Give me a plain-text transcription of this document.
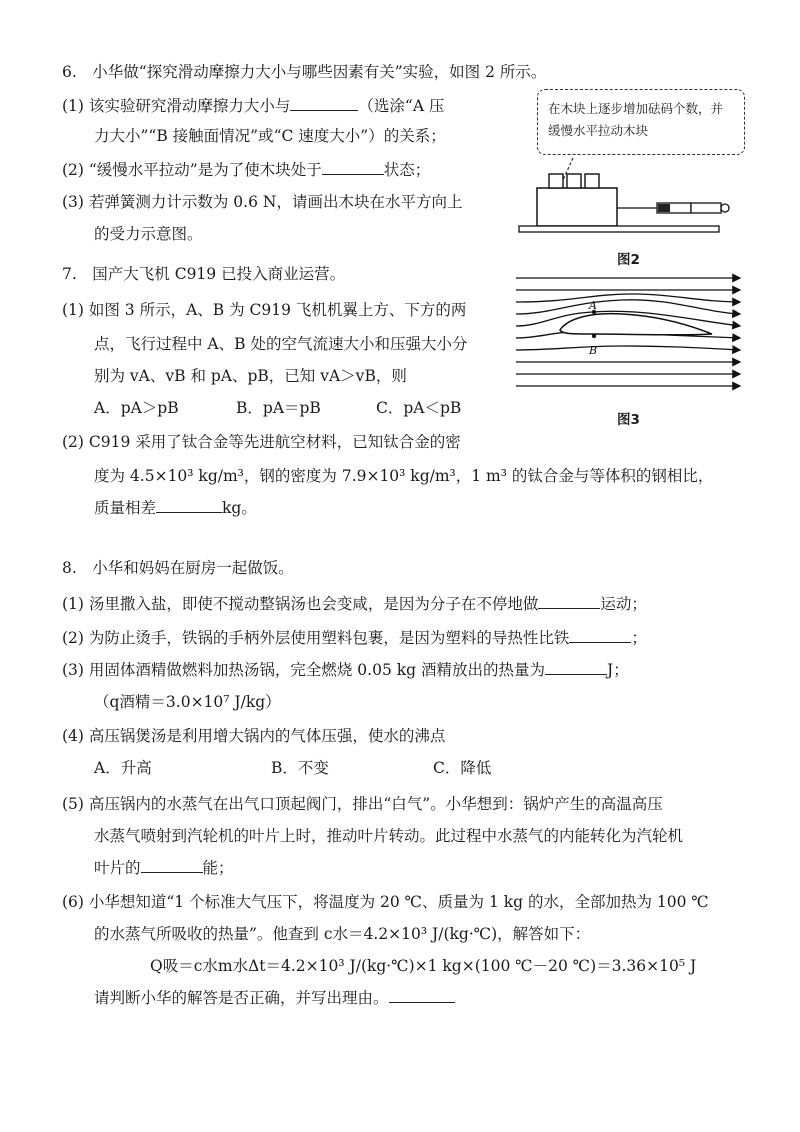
6.　小华做“探究滑动摩擦力大小与哪些因素有关”实验，如图 2 所示。
(1) 该实验研究滑动摩擦力大小与	（选涂“A 压
力大小”“B 接触面情况”或“C 速度大小”）的关系；
(2) “缓慢水平拉动”是为了使木块处于	状态；
(3) 若弹簧测力计示数为 0.6 N，请画出木块在水平方向上
的受力示意图。
在木块上逐步增加砝码个数，并缓慢水平拉动木块
图2
7.　国产大飞机 C919 已投入商业运营。
(1) 如图 3 所示，A、B 为 C919 飞机机翼上方、下方的两
点，飞行过程中 A、B 处的空气流速大小和压强大小分
别为 vA、vB 和 pA、pB，已知 vA＞vB，则
A．pA＞pB	B．pA＝pB	C．pA＜pB
(2) C919 采用了钛合金等先进航空材料，已知钛合金的密
度为 4.5×10³ kg/m³，钢的密度为 7.9×10³ kg/m³，1 m³ 的钛合金与等体积的钢相比，
质量相差	kg。
A
B
图3
8.　小华和妈妈在厨房一起做饭。
(1) 汤里撒入盐，即使不搅动整锅汤也会变咸，是因为分子在不停地做	运动；
(2) 为防止烫手，铁锅的手柄外层使用塑料包裹，是因为塑料的导热性比铁	；
(3) 用固体酒精做燃料加热汤锅，完全燃烧 0.05 kg 酒精放出的热量为	J；
（q酒精＝3.0×10⁷ J/kg）
(4) 高压锅煲汤是利用增大锅内的气体压强，使水的沸点
A．升高	B．不变	C．降低
(5) 高压锅内的水蒸气在出气口顶起阀门，排出“白气”。小华想到：锅炉产生的高温高压
水蒸气喷射到汽轮机的叶片上时，推动叶片转动。此过程中水蒸气的内能转化为汽轮机
叶片的	能；
(6) 小华想知道“1 个标准大气压下，将温度为 20 ℃、质量为 1 kg 的水，全部加热为 100 ℃
的水蒸气所吸收的热量”。他查到 c水＝4.2×10³ J/(kg·℃)，解答如下：
Q吸＝c水m水Δt＝4.2×10³ J/(kg·℃)×1 kg×(100 ℃－20 ℃)＝3.36×10⁵ J
请判断小华的解答是否正确，并写出理由。
